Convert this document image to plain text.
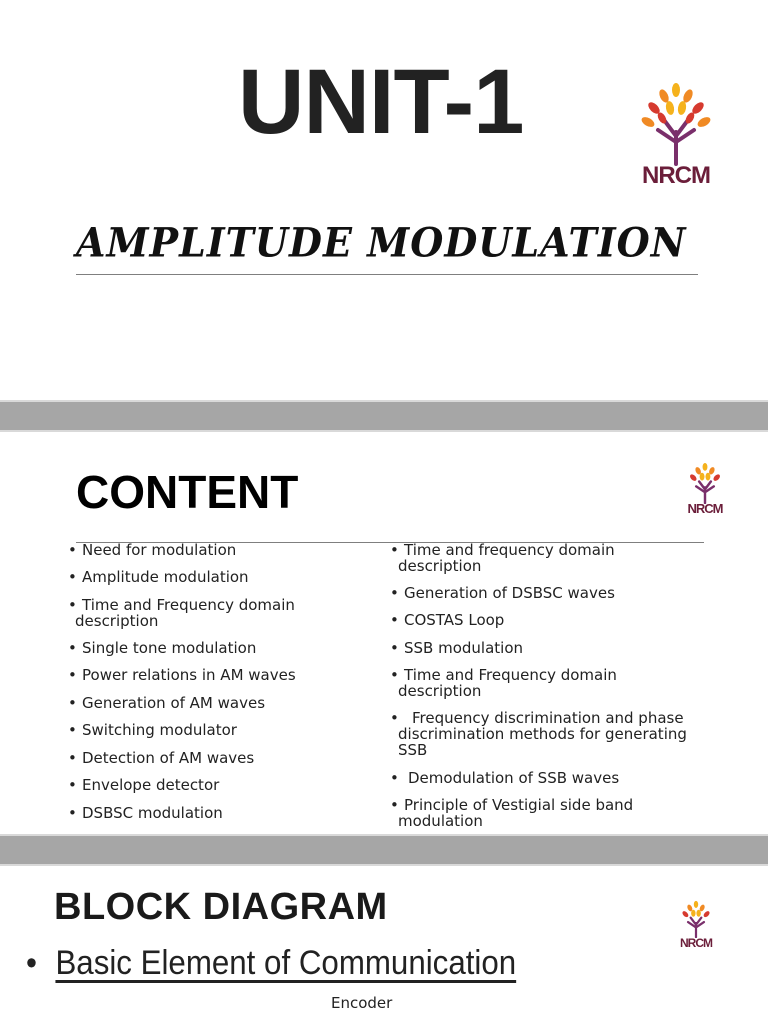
UNIT-1
NRCM
AMPLITUDE MODULATION
CONTENT	NRCM
• Need for modulation
• Amplitude modulation
• Time and Frequency domain
description
• Single tone modulation
• Power relations in AM waves
• Generation of AM waves
• Switching modulator
• Detection of AM waves
• Envelope detector
• DSBSC modulation
• Time and frequency domain
description
• Generation of DSBSC waves
• COSTAS Loop
• SSB modulation
• Time and Frequency domain
description
• Frequency discrimination and phase
discrimination methods for generating
SSB
• Demodulation of SSB waves
• Principle of Vestigial side band
modulation
BLOCK DIAGRAM
NRCM
• Basic Element of Communication
Encoder
